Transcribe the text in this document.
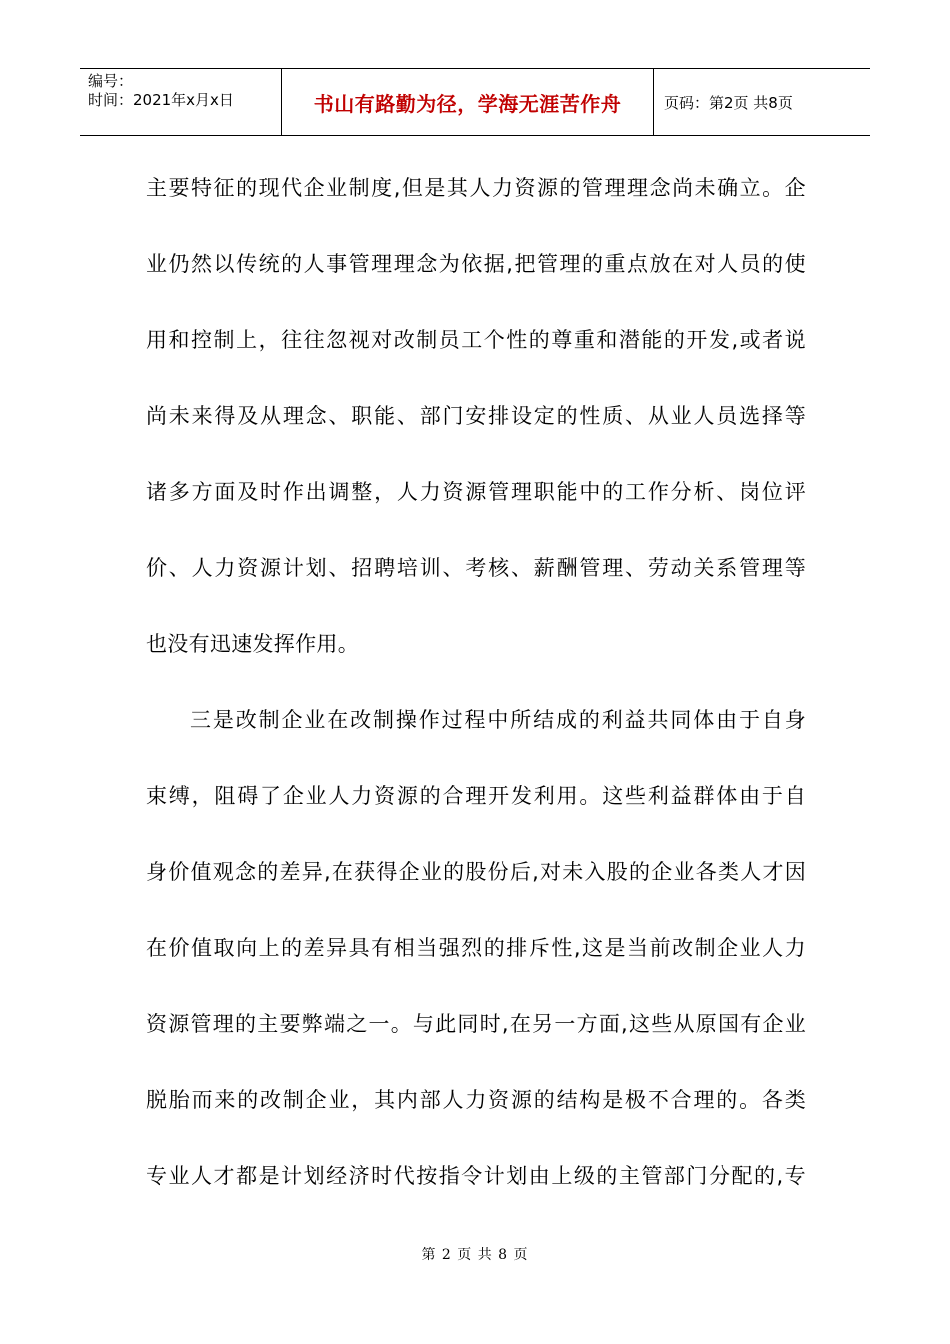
编号：
时间：2021年x月x日	书山有路勤为径，学海无涯苦作舟	页码：第2页 共8页
主要特征的现代企业制度,但是其人力资源的管理理念尚未确立。企
业仍然以传统的人事管理理念为依据,把管理的重点放在对人员的使
用和控制上，往往忽视对改制员工个性的尊重和潜能的开发,或者说
尚未来得及从理念、职能、部门安排设定的性质、从业人员选择等
诸多方面及时作出调整，人力资源管理职能中的工作分析、岗位评
价、人力资源计划、招聘培训、考核、薪酬管理、劳动关系管理等
也没有迅速发挥作用。
三是改制企业在改制操作过程中所结成的利益共同体由于自身
束缚，阻碍了企业人力资源的合理开发利用。这些利益群体由于自
身价值观念的差异,在获得企业的股份后,对未入股的企业各类人才因
在价值取向上的差异具有相当强烈的排斥性,这是当前改制企业人力
资源管理的主要弊端之一。与此同时,在另一方面,这些从原国有企业
脱胎而来的改制企业，其内部人力资源的结构是极不合理的。各类
专业人才都是计划经济时代按指令计划由上级的主管部门分配的,专
第 2 页 共 8 页
